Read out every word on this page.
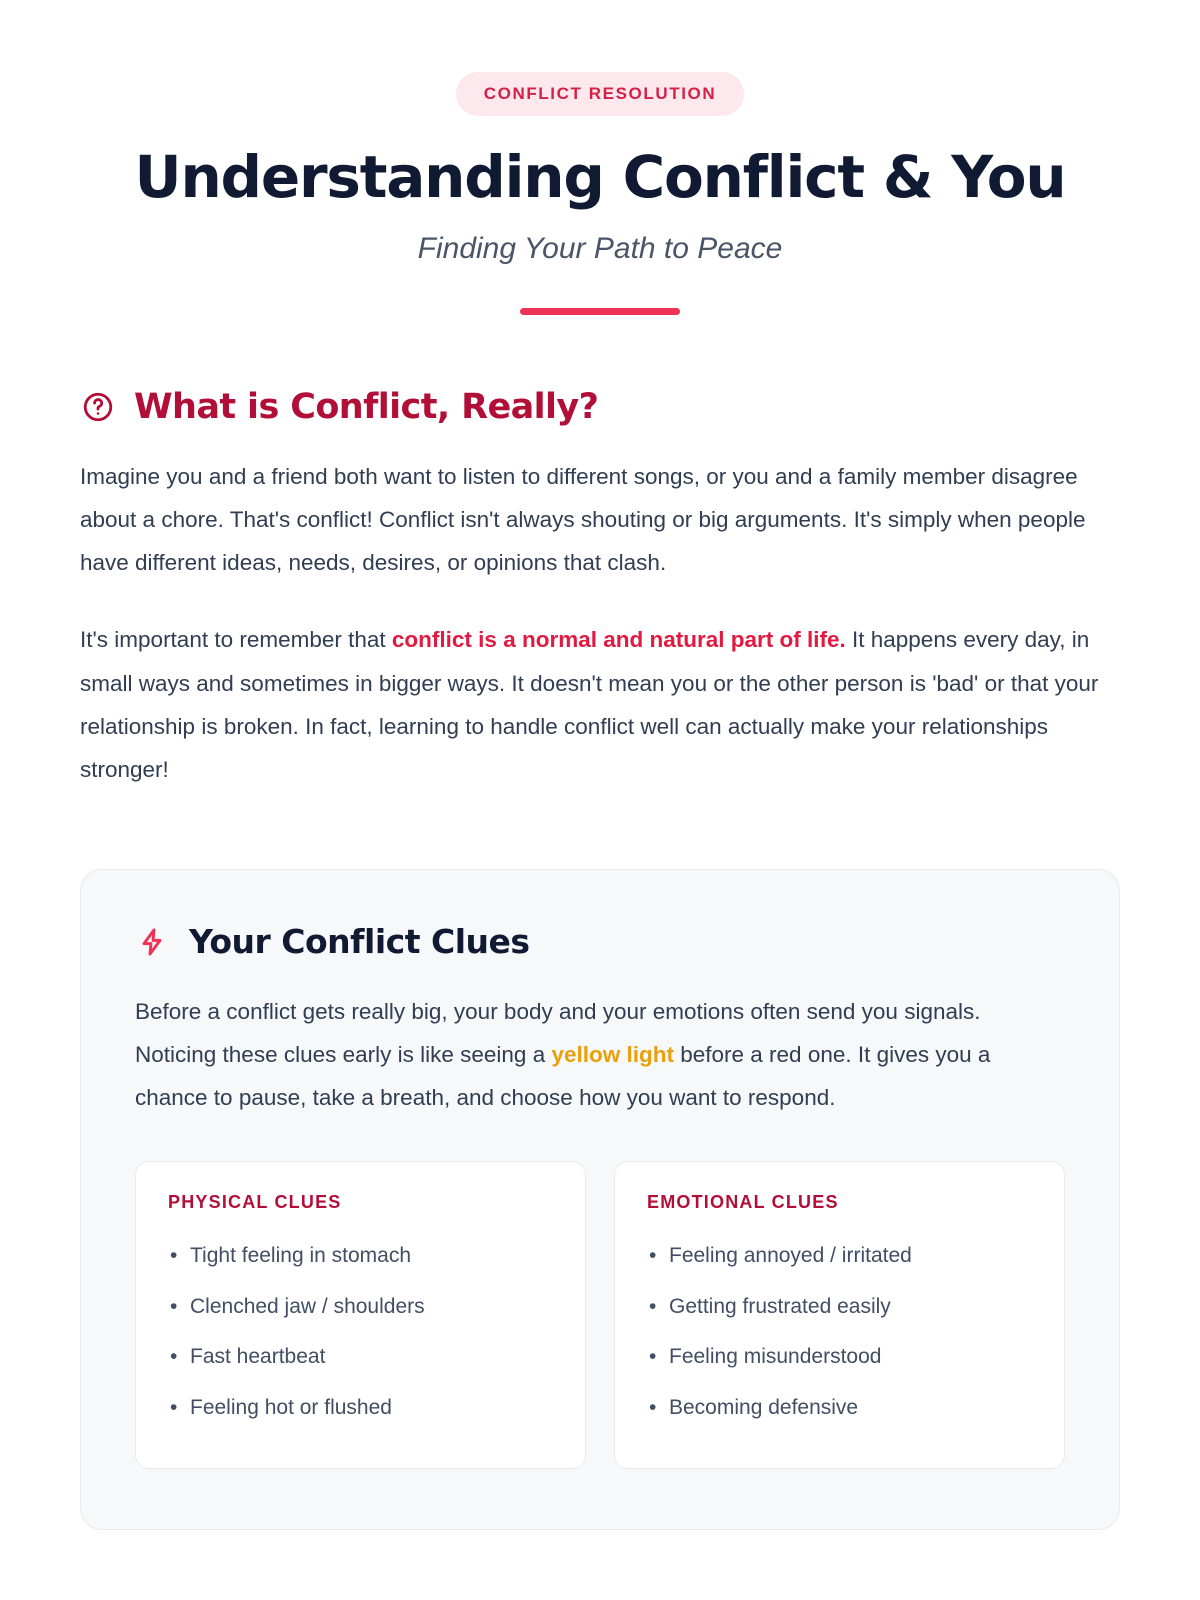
CONFLICT RESOLUTION
Understanding Conflict & You
Finding Your Path to Peace
What is Conflict, Really?

Imagine you and a friend both want to listen to different songs, or you and a family member disagree about a chore. That's conflict! Conflict isn't always shouting or big arguments. It's simply when people have different ideas, needs, desires, or opinions that clash.

It's important to remember that conflict is a normal and natural part of life. It happens every day, in small ways and sometimes in bigger ways. It doesn't mean you or the other person is 'bad' or that your relationship is broken. In fact, learning to handle conflict well can actually make your relationships stronger!

Your Conflict Clues

Before a conflict gets really big, your body and your emotions often send you signals. Noticing these clues early is like seeing a yellow light before a red one. It gives you a chance to pause, take a breath, and choose how you want to respond.

PHYSICAL CLUES
• Tight feeling in stomach
• Clenched jaw / shoulders
• Fast heartbeat
• Feeling hot or flushed
EMOTIONAL CLUES
• Feeling annoyed / irritated
• Getting frustrated easily
• Feeling misunderstood
• Becoming defensive
